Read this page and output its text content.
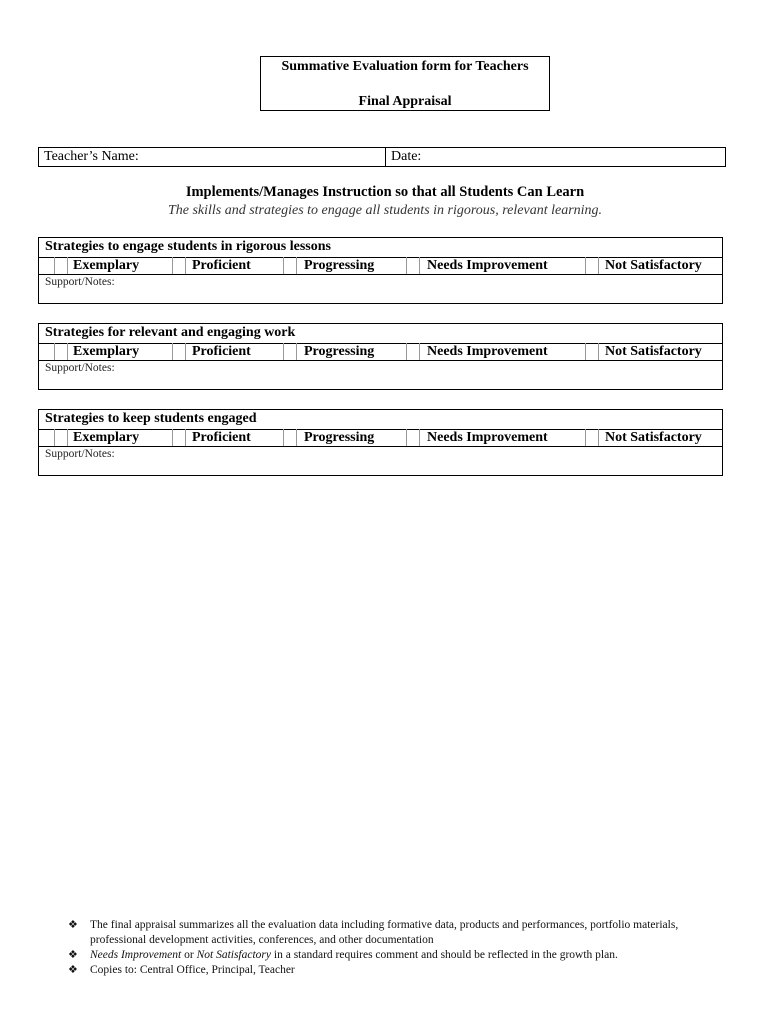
Summative Evaluation form for Teachers
Final Appraisal
Teacher’s Name:	Date:
Implements/Manages Instruction so that all Students Can Learn
The skills and strategies to engage all students in rigorous, relevant learning.
Strategies to engage students in rigorous lessons
Exemplary	Proficient	Progressing	Needs Improvement	Not Satisfactory
Support/Notes:
Strategies for relevant and engaging work
Exemplary	Proficient	Progressing	Needs Improvement	Not Satisfactory
Support/Notes:
Strategies to keep students engaged
Exemplary	Proficient	Progressing	Needs Improvement	Not Satisfactory
Support/Notes:
❖ The final appraisal summarizes all the evaluation data including formative data, products and performances, portfolio materials, professional development activities, conferences, and other documentation
❖ Needs Improvement or Not Satisfactory in a standard requires comment and should be reflected in the growth plan.
❖ Copies to: Central Office, Principal, Teacher
